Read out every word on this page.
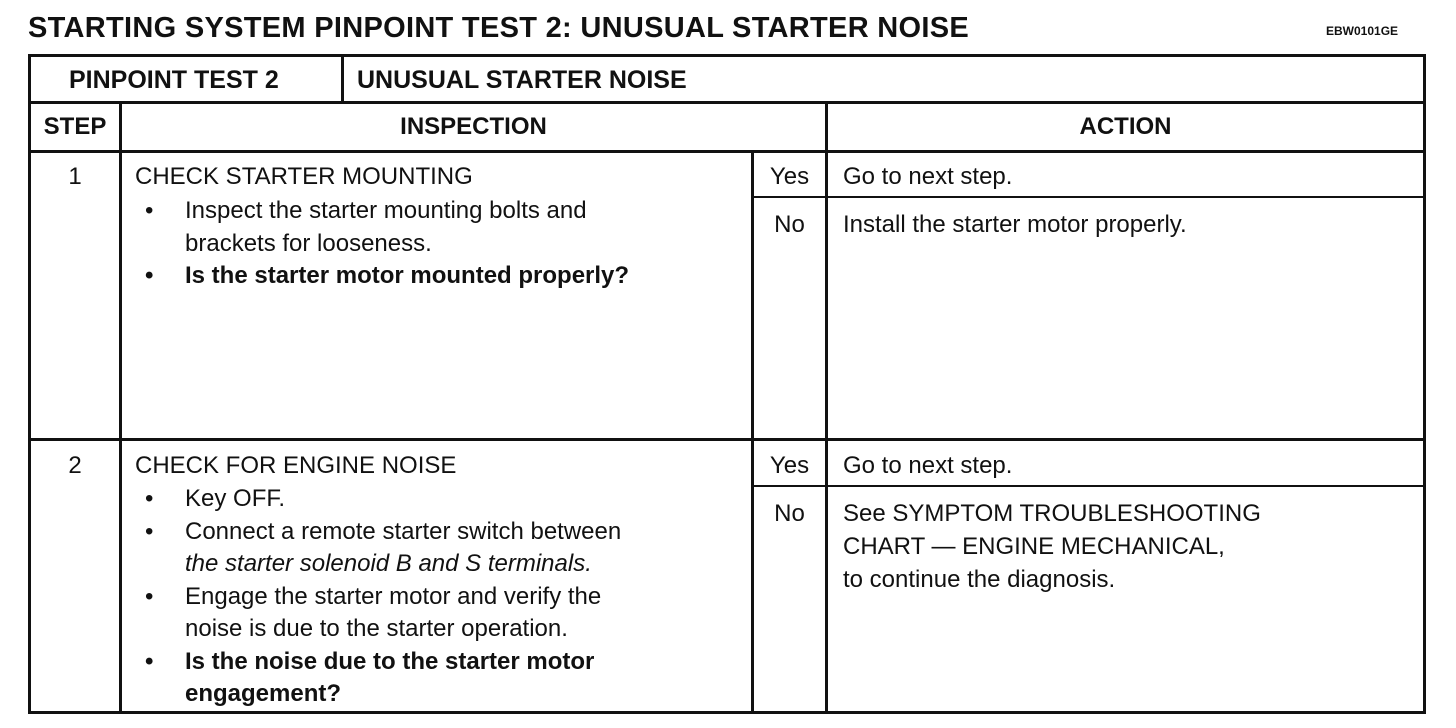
STARTING SYSTEM PINPOINT TEST 2: UNUSUAL STARTER NOISE	EBW0101GE
PINPOINT TEST 2	UNUSUAL STARTER NOISE
STEP	INSPECTION	ACTION
1	CHECK STARTER MOUNTING
• Inspect the starter mounting bolts and
brackets for looseness.
• Is the starter motor mounted properly?
Yes	Go to next step.
No	Install the starter motor properly.
2	CHECK FOR ENGINE NOISE
• Key OFF.
• Connect a remote starter switch between
the starter solenoid B and S terminals.
• Engage the starter motor and verify the
noise is due to the starter operation.
• Is the noise due to the starter motor
engagement?
Yes	Go to next step.
No	See SYMPTOM TROUBLESHOOTING
CHART — ENGINE MECHANICAL,
to continue the diagnosis.
